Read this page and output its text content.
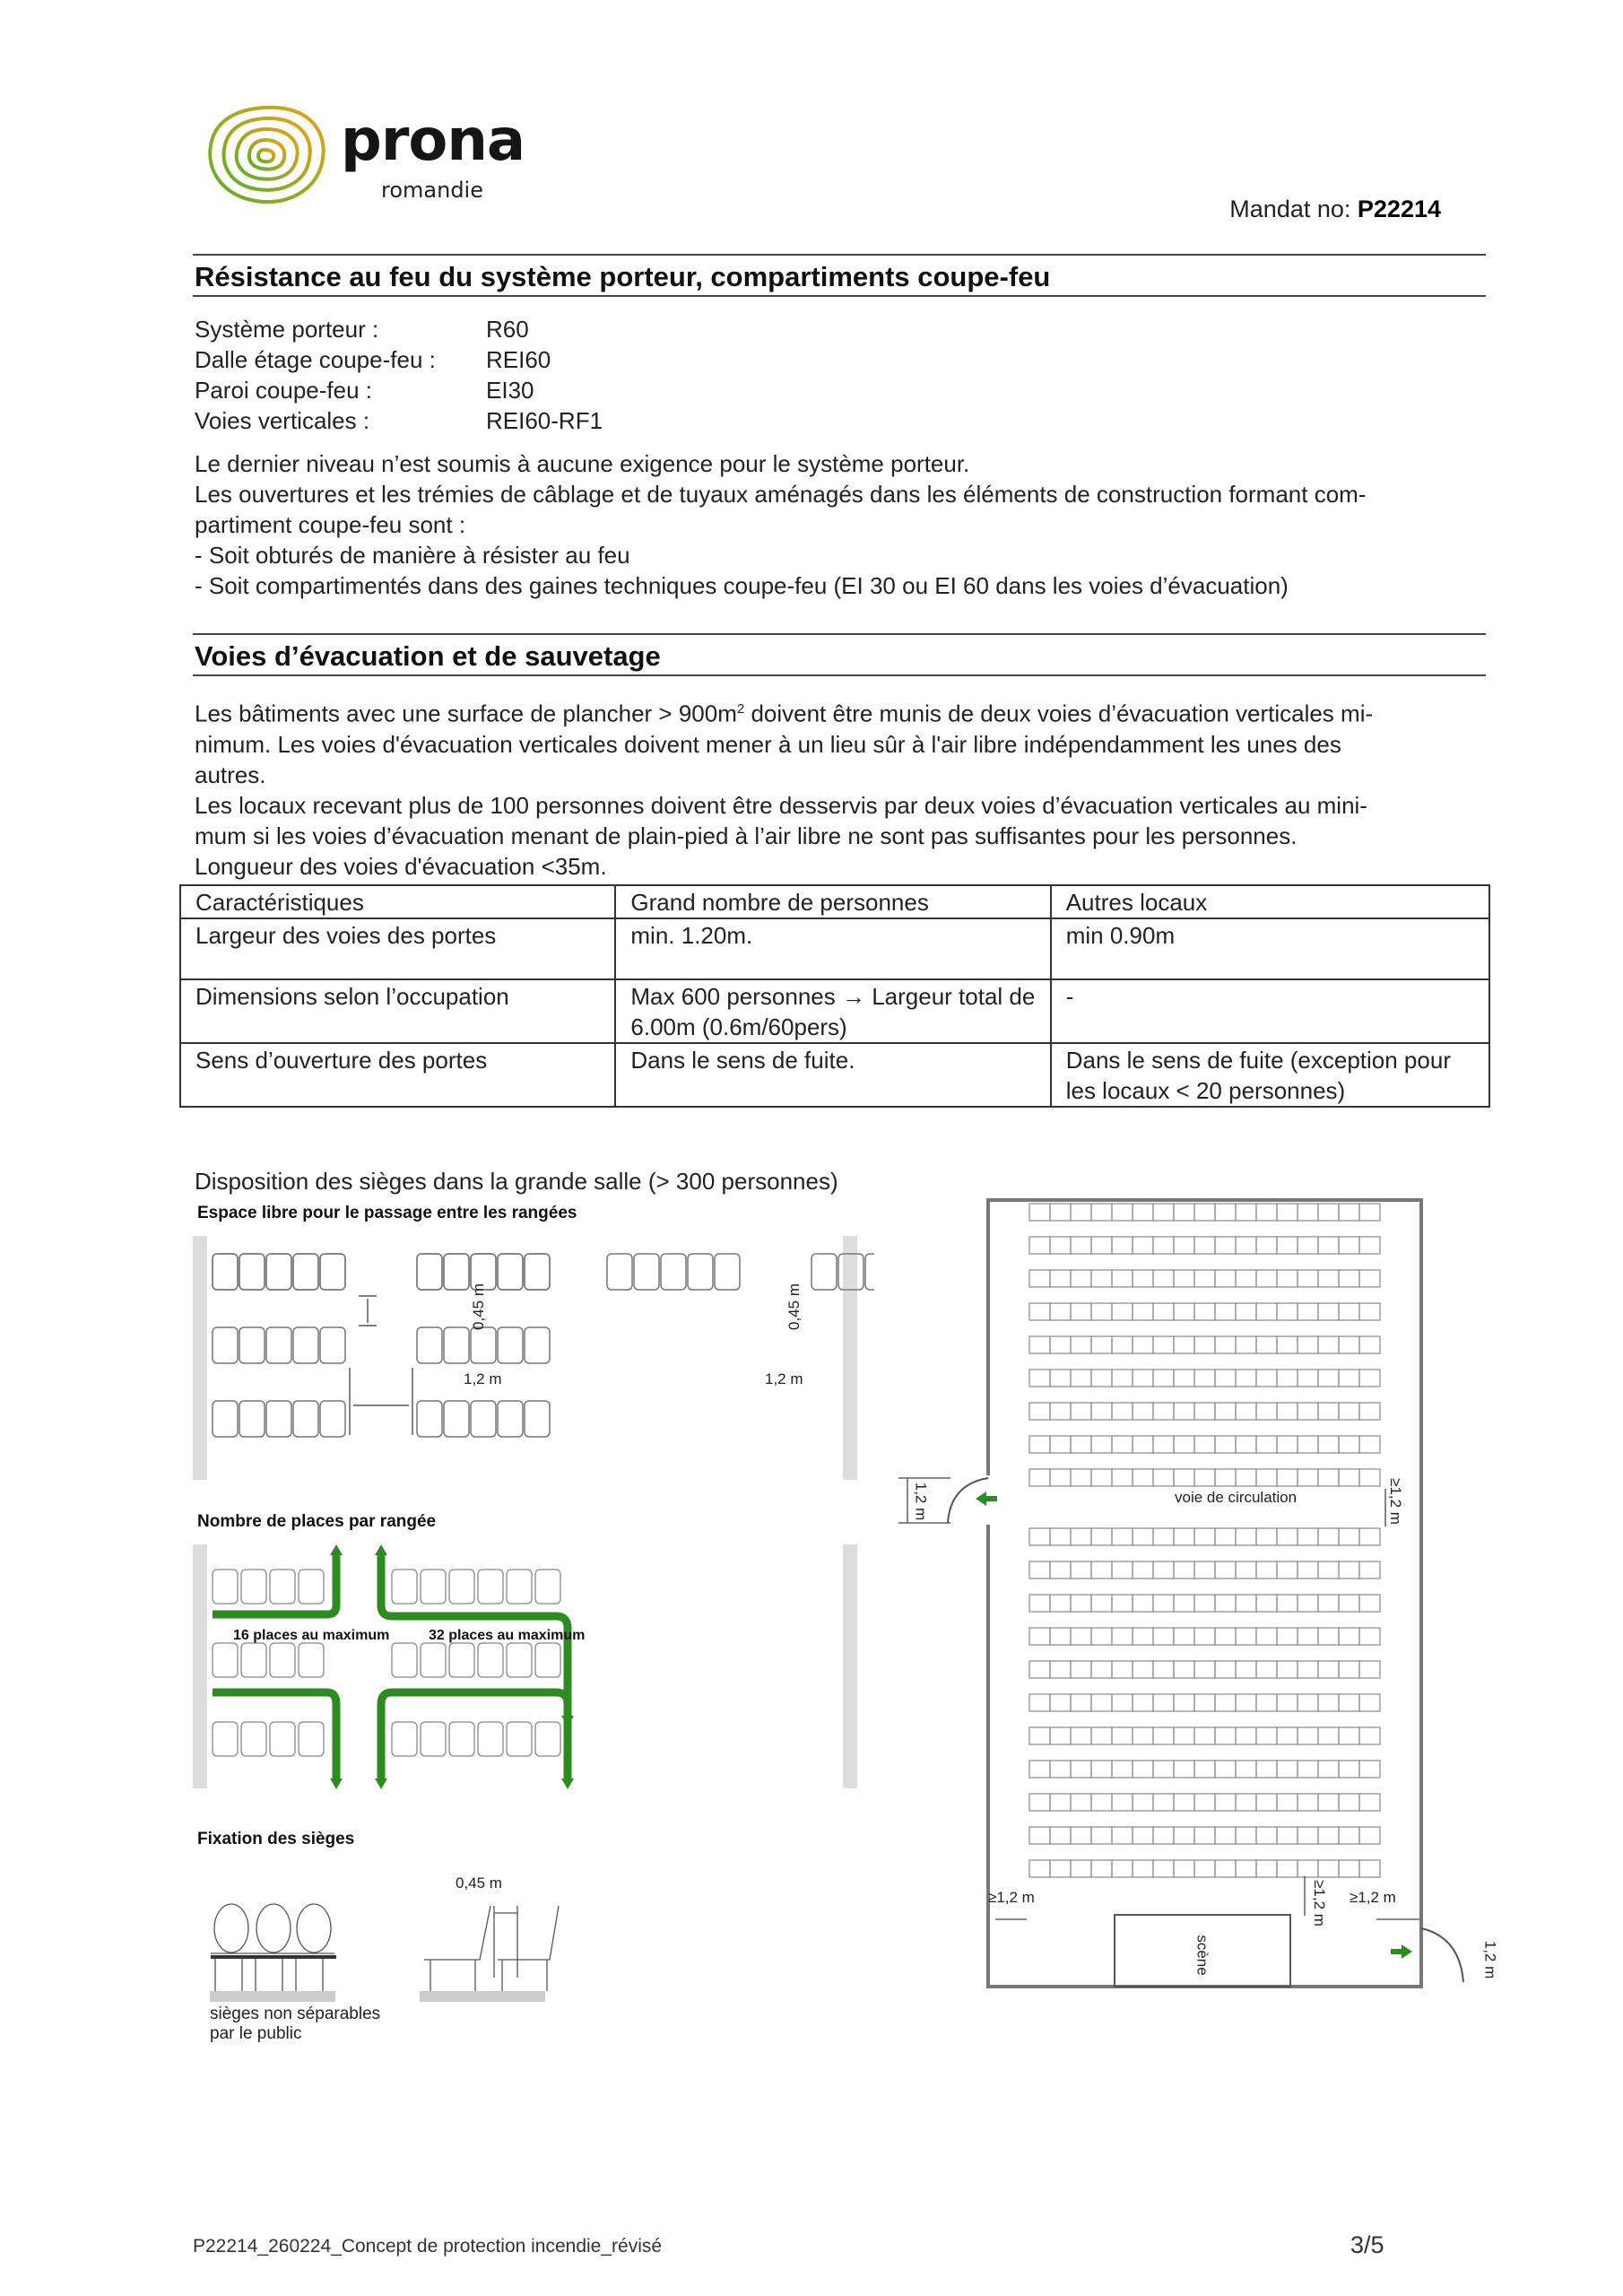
prona
romandie
Mandat no: P22214
Résistance au feu du système porteur, compartiments coupe-feu
Système porteur :	R60
Dalle étage coupe-feu :	REI60
Paroi coupe-feu :	EI30
Voies verticales :	REI60-RF1
Le dernier niveau n’est soumis à aucune exigence pour le système porteur.
Les ouvertures et les trémies de câblage et de tuyaux aménagés dans les éléments de construction formant com-
partiment coupe-feu sont :
- Soit obturés de manière à résister au feu
- Soit compartimentés dans des gaines techniques coupe-feu (EI 30 ou EI 60 dans les voies d’évacuation)
Voies d’évacuation et de sauvetage
Les bâtiments avec une surface de plancher > $900m^2$ doivent être munis de deux voies d’évacuation verticales mi-
nimum. Les voies d'évacuation verticales doivent mener à un lieu sûr à l'air libre indépendamment les unes des
autres.
Les locaux recevant plus de 100 personnes doivent être desservis par deux voies d’évacuation verticales au mini-
mum si les voies d’évacuation menant de plain-pied à l’air libre ne sont pas suffisantes pour les personnes.
Longueur des voies d'évacuation <35m.
Caractéristiques	Grand nombre de personnes	Autres locaux
Largeur des voies des portes	min. 1.20m.	min 0.90m
Dimensions selon l’occupation	Max 600 personnes → Largeur total de 6.00m (0.6m/60pers)	-
Sens d’ouverture des portes	Dans le sens de fuite.	Dans le sens de fuite (exception pour les locaux < 20 personnes)
Disposition des sièges dans la grande salle (> 300 personnes)
Espace libre pour le passage entre les rangées
1,2 m	1,2 m
0,45 m	0,45 m
Nombre de places par rangée
16 places au maximum	32 places au maximum
Fixation des sièges
0,45 m
sièges non séparables
par le public
voie de circulation
scène
1,2 m	≥1,2 m
≥1,2 m	≥1,2 m
≥1,2 m
1,2 m
P22214_260224_Concept de protection incendie_révisé	3/5
